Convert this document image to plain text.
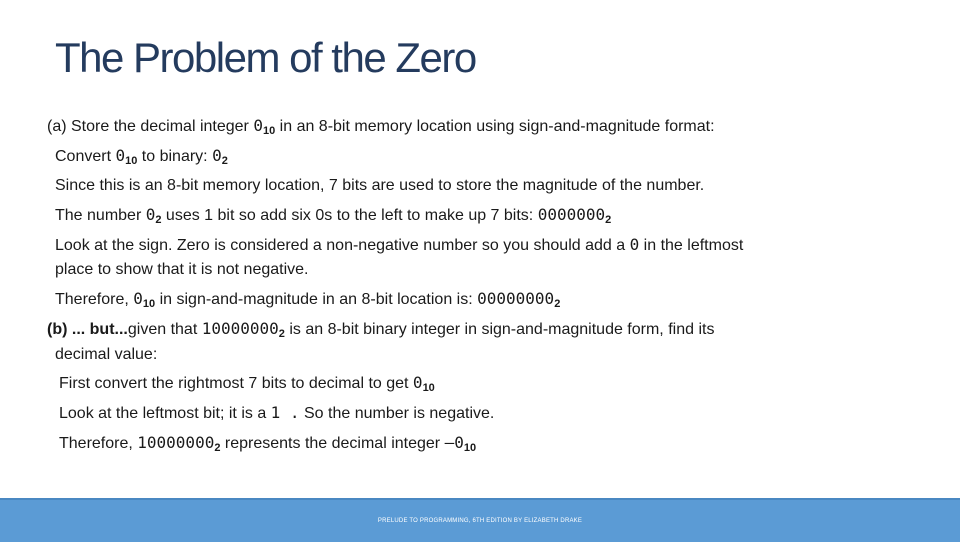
The Problem of the Zero
(a) Store the decimal integer $0_{10}$ in an 8-bit memory location using sign-and-magnitude format:
Convert $0_{10}$ to binary: $0_2$
Since this is an 8-bit memory location, 7 bits are used to store the magnitude of the number.
The number $0_2$ uses 1 bit so add six 0s to the left to make up 7 bits: $0000000_2$
Look at the sign. Zero is considered a non-negative number so you should add a 0 in the leftmost
place to show that it is not negative.
Therefore, $0_{10}$ in sign-and-magnitude in an 8-bit location is: $00000000_2$
(b) ... but...given that $10000000_2$ is an 8-bit binary integer in sign-and-magnitude form, find its
decimal value:
First convert the rightmost 7 bits to decimal to get $0_{10}$
Look at the leftmost bit; it is a 1 . So the number is negative.
Therefore, $10000000_2$ represents the decimal integer $-0_{10}$
PRELUDE TO PROGRAMMING, 6TH EDITION BY ELIZABETH DRAKE
